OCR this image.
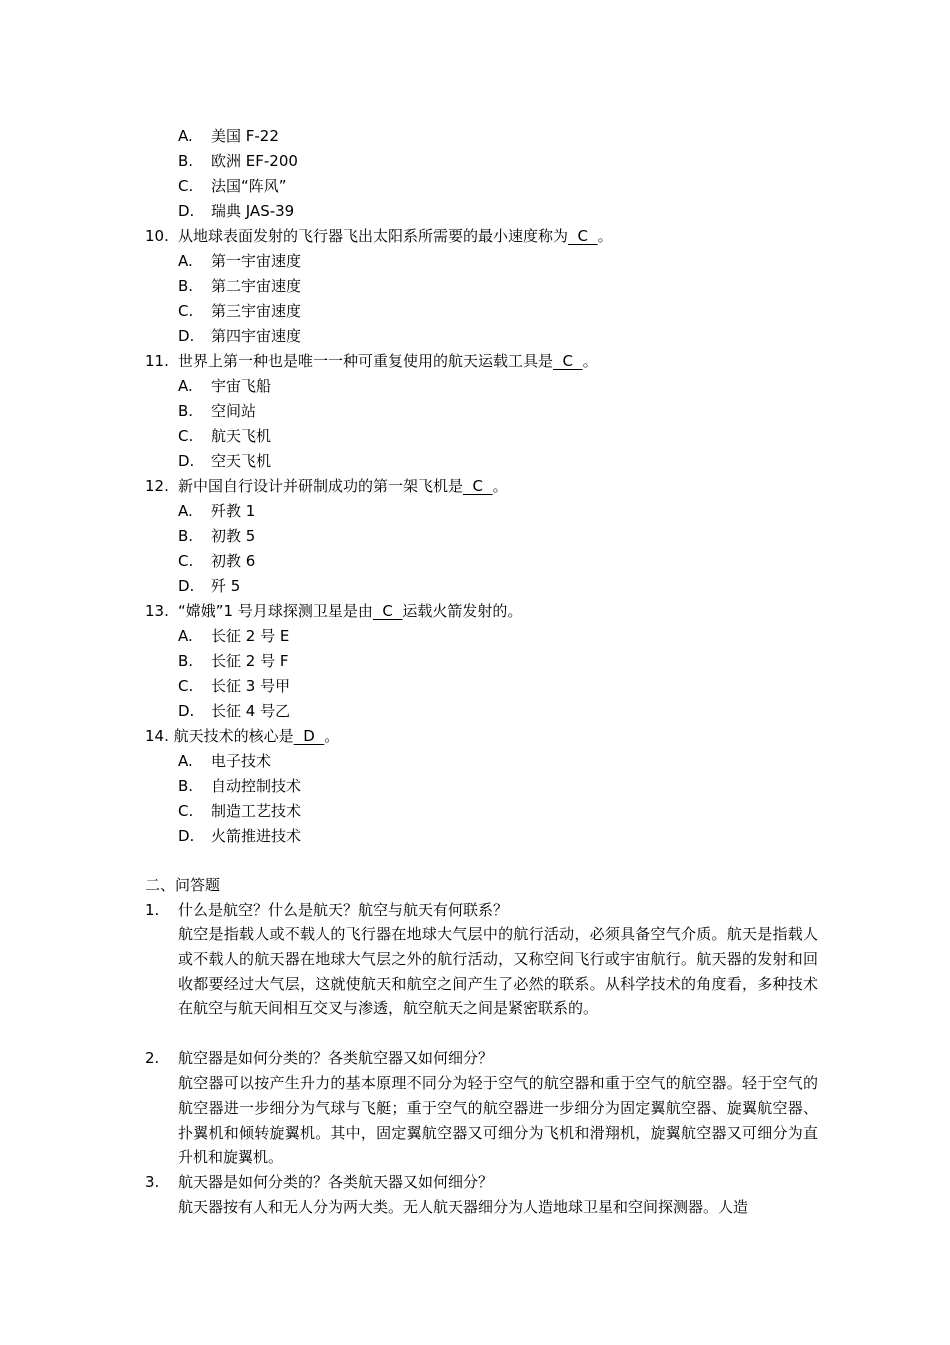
A. 美国 F-22
B. 欧洲 EF-200
C. 法国“阵风”
D. 瑞典 JAS-39
10. 从地球表面发射的飞行器飞出太阳系所需要的最小速度称为  C  。
A. 第一宇宙速度
B. 第二宇宙速度
C. 第三宇宙速度
D. 第四宇宙速度
11. 世界上第一种也是唯一一种可重复使用的航天运载工具是  C  。
A. 宇宙飞船
B. 空间站
C. 航天飞机
D. 空天飞机
12. 新中国自行设计并研制成功的第一架飞机是  C  。
A. 歼教 1
B. 初教 5
C. 初教 6
D. 歼 5
13. “嫦娥”1 号月球探测卫星是由  C  运载火箭发射的。
A. 长征 2 号 E
B. 长征 2 号 F
C. 长征 3 号甲
D. 长征 4 号乙
14. 航天技术的核心是  D  。
A. 电子技术
B. 自动控制技术
C. 制造工艺技术
D. 火箭推进技术
二、问答题
1. 什么是航空？什么是航天？航空与航天有何联系？

航空是指载人或不载人的飞行器在地球大气层中的航行活动，必须具备空气介质。航天是指载人或不载人的航天器在地球大气层之外的航行活动，又称空间飞行或宇宙航行。航天器的发射和回收都要经过大气层，这就使航天和航空之间产生了必然的联系。从科学技术的角度看，多种技术在航空与航天间相互交叉与渗透，航空航天之间是紧密联系的。

2. 航空器是如何分类的？各类航空器又如何细分？

航空器可以按产生升力的基本原理不同分为轻于空气的航空器和重于空气的航空器。轻于空气的航空器进一步细分为气球与飞艇；重于空气的航空器进一步细分为固定翼航空器、旋翼航空器、扑翼机和倾转旋翼机。其中，固定翼航空器又可细分为飞机和滑翔机，旋翼航空器又可细分为直升机和旋翼机。

3. 航天器是如何分类的？各类航天器又如何细分？

航天器按有人和无人分为两大类。无人航天器细分为人造地球卫星和空间探测器。人造
